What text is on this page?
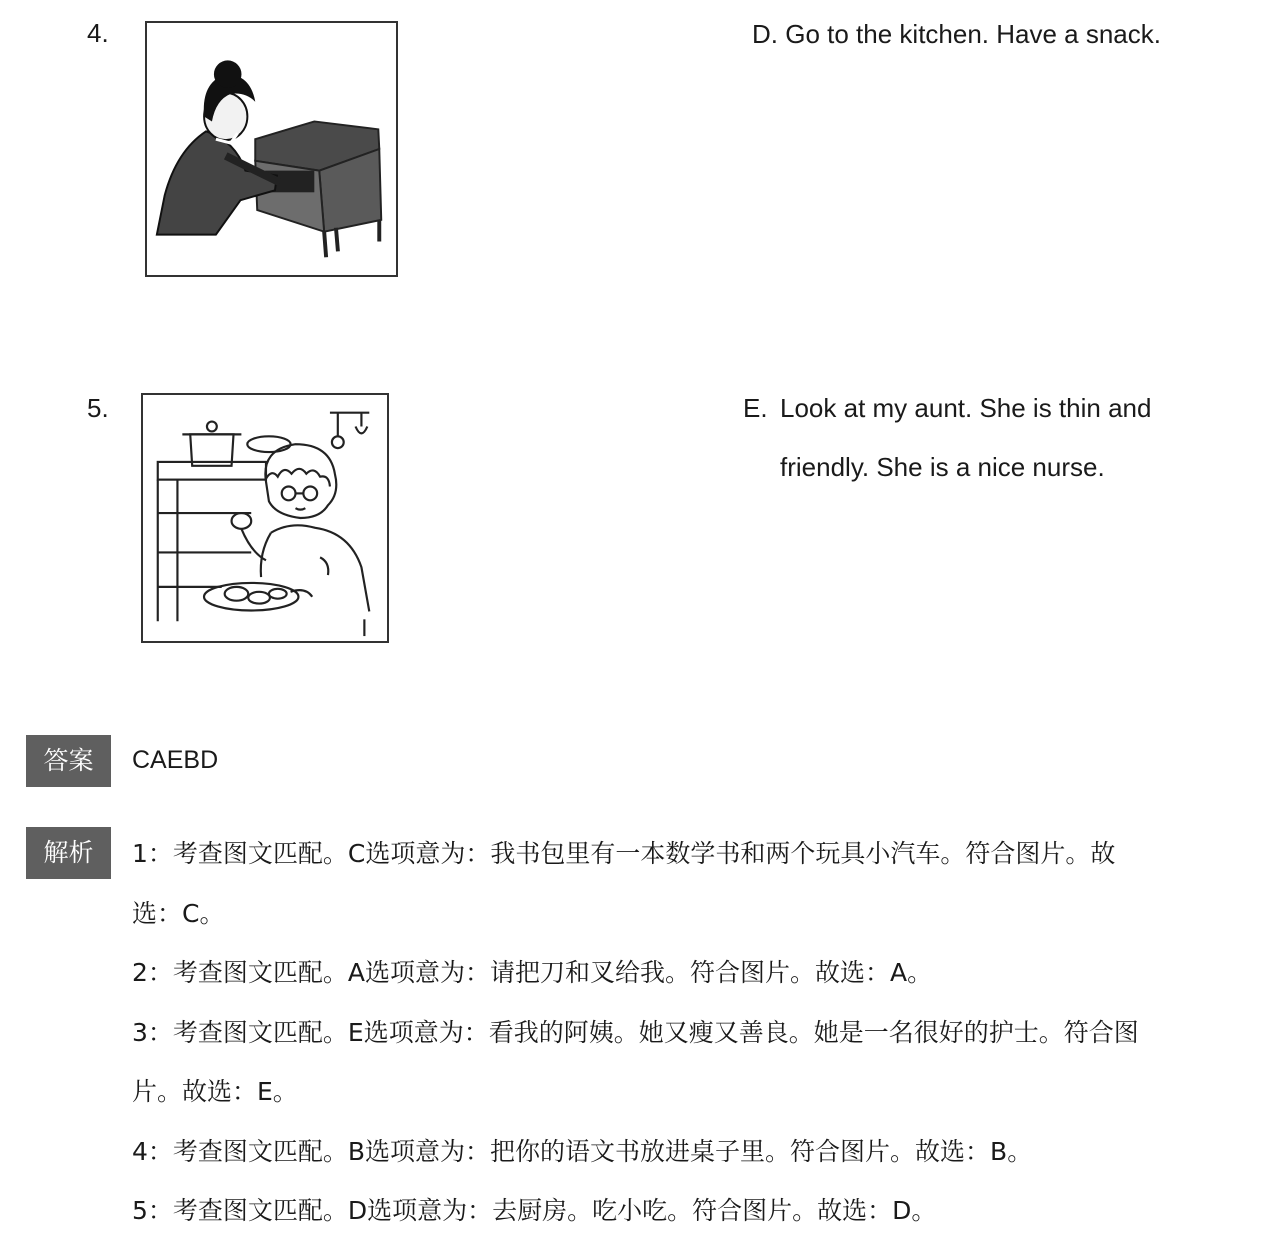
4.	D. Go to the kitchen. Have a snack.
5.	E. Look at my aunt. She is thin and
friendly. She is a nice nurse.
答案	CAEBD
解析	1：考查图文匹配。C选项意为：我书包里有一本数学书和两个玩具小汽车。符合图片。故
选：C。
2：考查图文匹配。A选项意为：请把刀和叉给我。符合图片。故选：A。
3：考查图文匹配。E选项意为：看我的阿姨。她又瘦又善良。她是一名很好的护士。符合图
片。故选：E。
4：考查图文匹配。B选项意为：把你的语文书放进桌子里。符合图片。故选：B。
5：考查图文匹配。D选项意为：去厨房。吃小吃。符合图片。故选：D。
